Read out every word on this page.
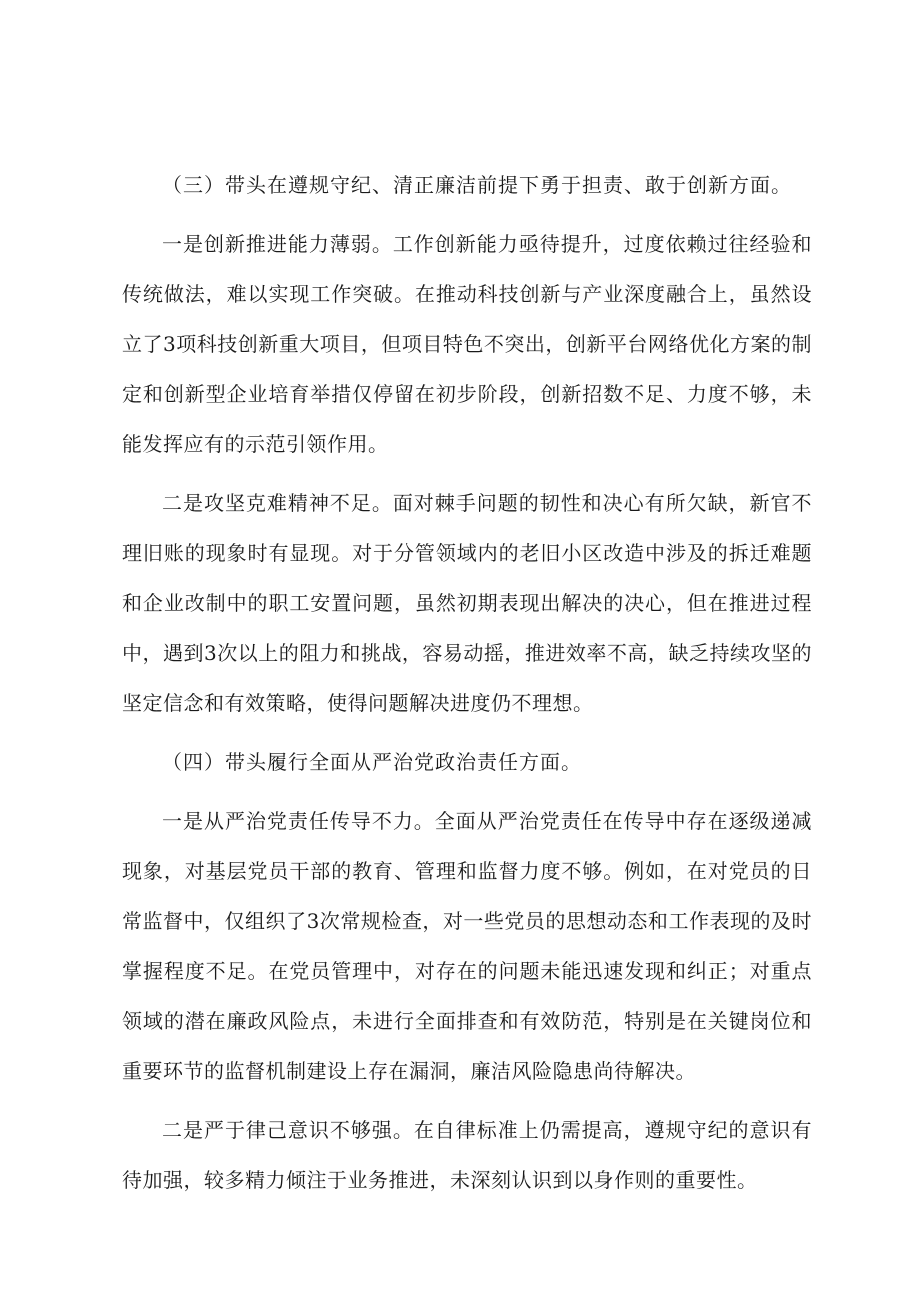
（三）带头在遵规守纪、清正廉洁前提下勇于担责、敢于创新方面。

一是创新推进能力薄弱。工作创新能力亟待提升，过度依赖过往经验和传统做法，难以实现工作突破。在推动科技创新与产业深度融合上，虽然设立了3项科技创新重大项目，但项目特色不突出，创新平台网络优化方案的制定和创新型企业培育举措仅停留在初步阶段，创新招数不足、力度不够，未能发挥应有的示范引领作用。

二是攻坚克难精神不足。面对棘手问题的韧性和决心有所欠缺，新官不理旧账的现象时有显现。对于分管领域内的老旧小区改造中涉及的拆迁难题和企业改制中的职工安置问题，虽然初期表现出解决的决心，但在推进过程中，遇到3次以上的阻力和挑战，容易动摇，推进效率不高，缺乏持续攻坚的坚定信念和有效策略，使得问题解决进度仍不理想。

（四）带头履行全面从严治党政治责任方面。

一是从严治党责任传导不力。全面从严治党责任在传导中存在逐级递减现象，对基层党员干部的教育、管理和监督力度不够。例如，在对党员的日常监督中，仅组织了3次常规检查，对一些党员的思想动态和工作表现的及时掌握程度不足。在党员管理中，对存在的问题未能迅速发现和纠正；对重点领域的潜在廉政风险点，未进行全面排查和有效防范，特别是在关键岗位和重要环节的监督机制建设上存在漏洞，廉洁风险隐患尚待解决。

二是严于律己意识不够强。在自律标准上仍需提高，遵规守纪的意识有待加强，较多精力倾注于业务推进，未深刻认识到以身作则的重要性。
